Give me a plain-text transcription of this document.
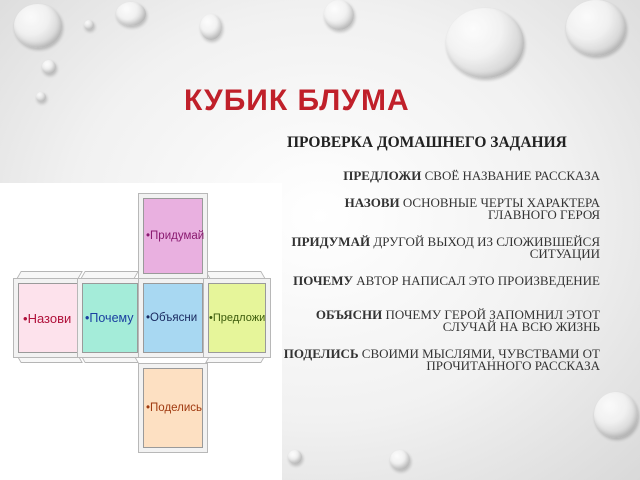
КУБИК БЛУМА
ПРОВЕРКА ДОМАШНЕГО ЗАДАНИЯ
ПРЕДЛОЖИ СВОЁ НАЗВАНИЕ РАССКАЗА
НАЗОВИ ОСНОВНЫЕ ЧЕРТЫ ХАРАКТЕРА ГЛАВНОГО ГЕРОЯ
ПРИДУМАЙ ДРУГОЙ ВЫХОД ИЗ СЛОЖИВШЕЙСЯ СИТУАЦИИ
ПОЧЕМУ АВТОР НАПИСАЛ ЭТО ПРОИЗВЕДЕНИЕ
ОБЪЯСНИ ПОЧЕМУ ГЕРОЙ ЗАПОМНИЛ ЭТОТ СЛУЧАЙ НА ВСЮ ЖИЗНЬ
ПОДЕЛИСЬ СВОИМИ МЫСЛЯМИ, ЧУВСТВАМИ ОТ ПРОЧИТАННОГО РАССКАЗА
• Придумай
• Назови	• Почему	• Объясни	• Предложи
• Поделись
